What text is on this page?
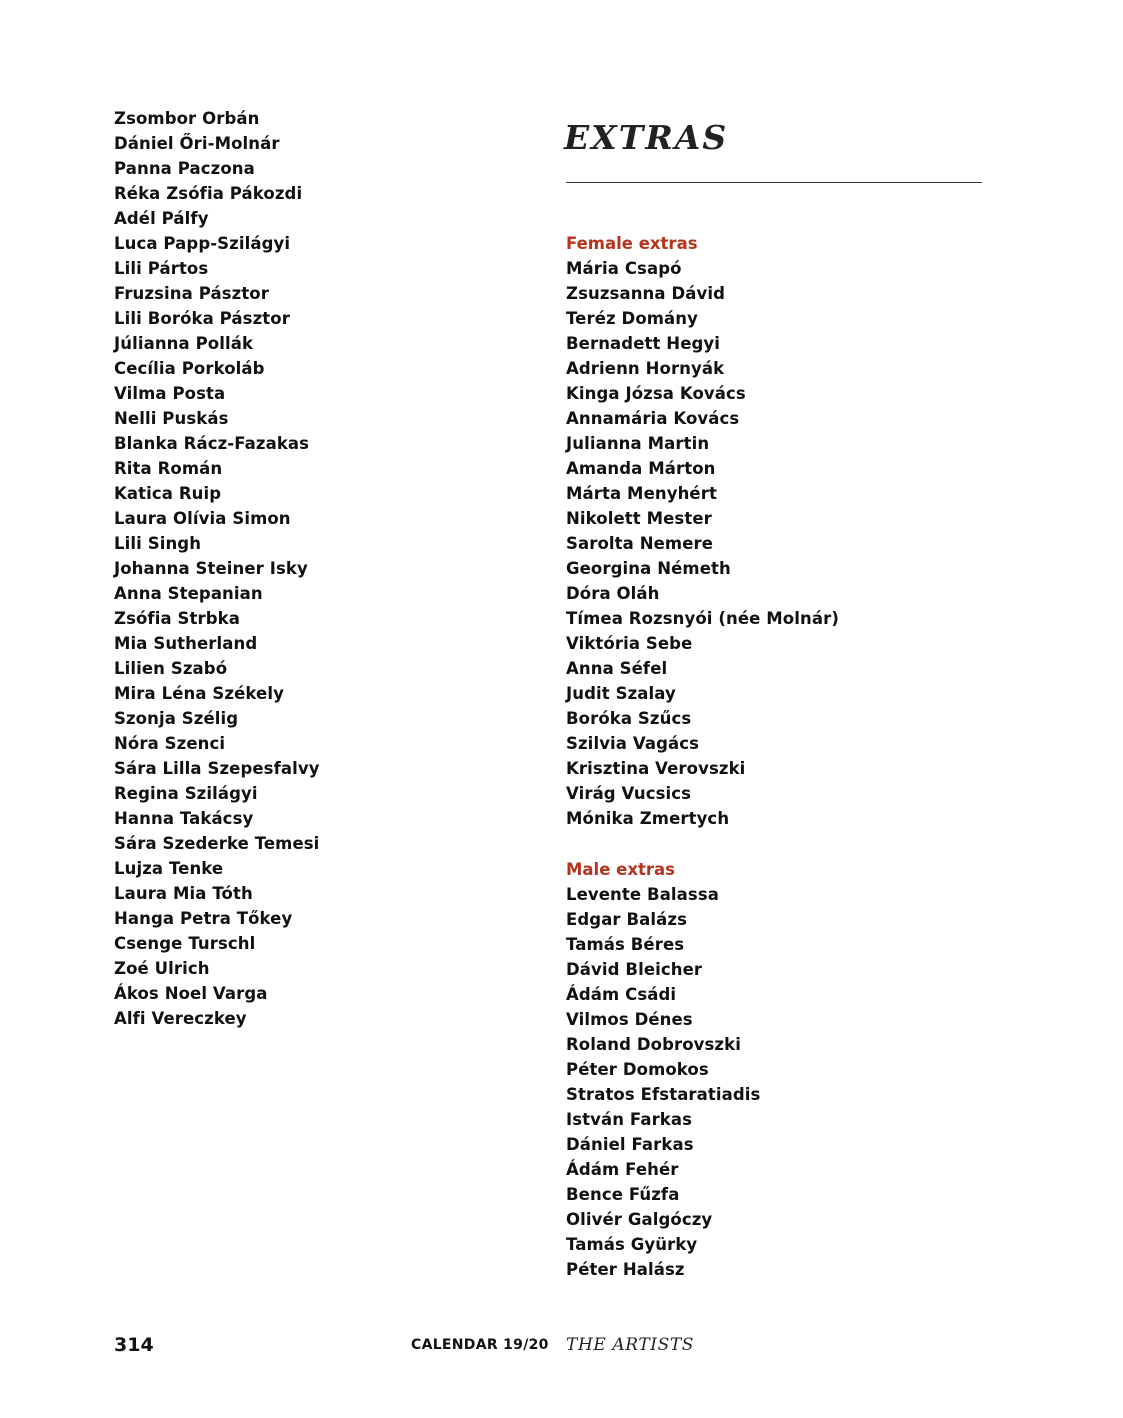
Zsombor Orbán
Dániel Őri-Molnár
Panna Paczona
Réka Zsófia Pákozdi
Adél Pálfy
Luca Papp-Szilágyi
Lili Pártos
Fruzsina Pásztor
Lili Boróka Pásztor
Júlianna Pollák
Cecília Porkoláb
Vilma Posta
Nelli Puskás
Blanka Rácz-Fazakas
Rita Román
Katica Ruip
Laura Olívia Simon
Lili Singh
Johanna Steiner Isky
Anna Stepanian
Zsófia Strbka
Mia Sutherland
Lilien Szabó
Mira Léna Székely
Szonja Szélig
Nóra Szenci
Sára Lilla Szepesfalvy
Regina Szilágyi
Hanna Takácsy
Sára Szederke Temesi
Lujza Tenke
Laura Mia Tóth
Hanga Petra Tőkey
Csenge Turschl
Zoé Ulrich
Ákos Noel Varga
Alfi Vereczkey
EXTRAS
Female extras
Mária Csapó
Zsuzsanna Dávid
Teréz Domány
Bernadett Hegyi
Adrienn Hornyák
Kinga Józsa Kovács
Annamária Kovács
Julianna Martin
Amanda Márton
Márta Menyhért
Nikolett Mester
Sarolta Nemere
Georgina Németh
Dóra Oláh
Tímea Rozsnyói (née Molnár)
Viktória Sebe
Anna Séfel
Judit Szalay
Boróka Szűcs
Szilvia Vagács
Krisztina Verovszki
Virág Vucsics
Mónika Zmertych
Male extras
Levente Balassa
Edgar Balázs
Tamás Béres
Dávid Bleicher
Ádám Csádi
Vilmos Dénes
Roland Dobrovszki
Péter Domokos
Stratos Efstaratiadis
István Farkas
Dániel Farkas
Ádám Fehér
Bence Fűzfa
Olivér Galgóczy
Tamás Gyürky
Péter Halász
314	CALENDAR 19/20 THE ARTISTS
